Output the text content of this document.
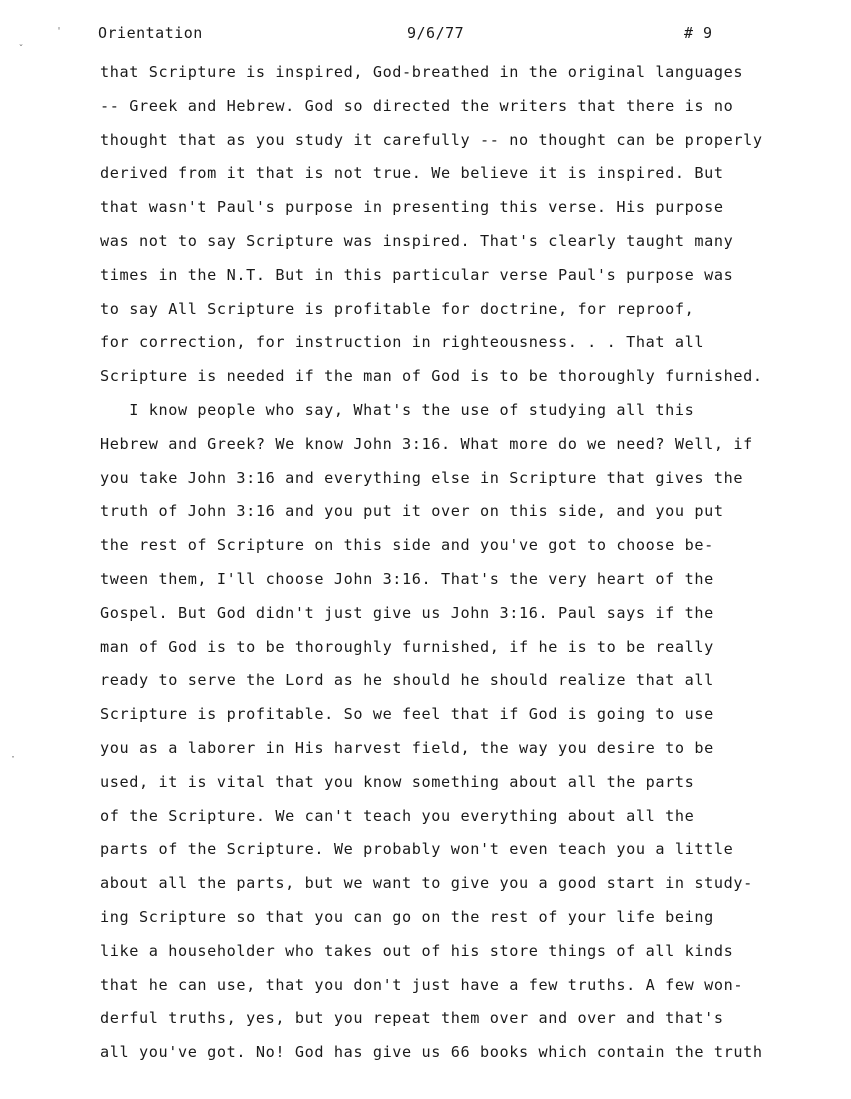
Orientation	9/6/77	# 9
'
ˇ
·
that Scripture is inspired, God-breathed in the original languages
-- Greek and Hebrew. God so directed the writers that there is no
thought that as you study it carefully -- no thought can be properly
derived from it that is not true. We believe it is inspired. But
that wasn't Paul's purpose in presenting this verse. His purpose
was not to say Scripture was inspired. That's clearly taught many
times in the N.T. But in this particular verse Paul's purpose was
to say All Scripture is profitable for doctrine, for reproof,
for correction, for instruction in righteousness. . . That all
Scripture is needed if the man of God is to be thoroughly furnished.
I know people who say, What's the use of studying all this
Hebrew and Greek? We know John 3:16. What more do we need? Well, if
you take John 3:16 and everything else in Scripture that gives the
truth of John 3:16 and you put it over on this side, and you put
the rest of Scripture on this side and you've got to choose be-
tween them, I'll choose John 3:16. That's the very heart of the
Gospel. But God didn't just give us John 3:16. Paul says if the
man of God is to be thoroughly furnished, if he is to be really
ready to serve the Lord as he should he should realize that all
Scripture is profitable. So we feel that if God is going to use
you as a laborer in His harvest field, the way you desire to be
used, it is vital that you know something about all the parts
of the Scripture. We can't teach you everything about all the
parts of the Scripture. We probably won't even teach you a little
about all the parts, but we want to give you a good start in study-
ing Scripture so that you can go on the rest of your life being
like a householder who takes out of his store things of all kinds
that he can use, that you don't just have a few truths. A few won-
derful truths, yes, but you repeat them over and over and that's
all you've got. No! God has give us 66 books which contain the truth
